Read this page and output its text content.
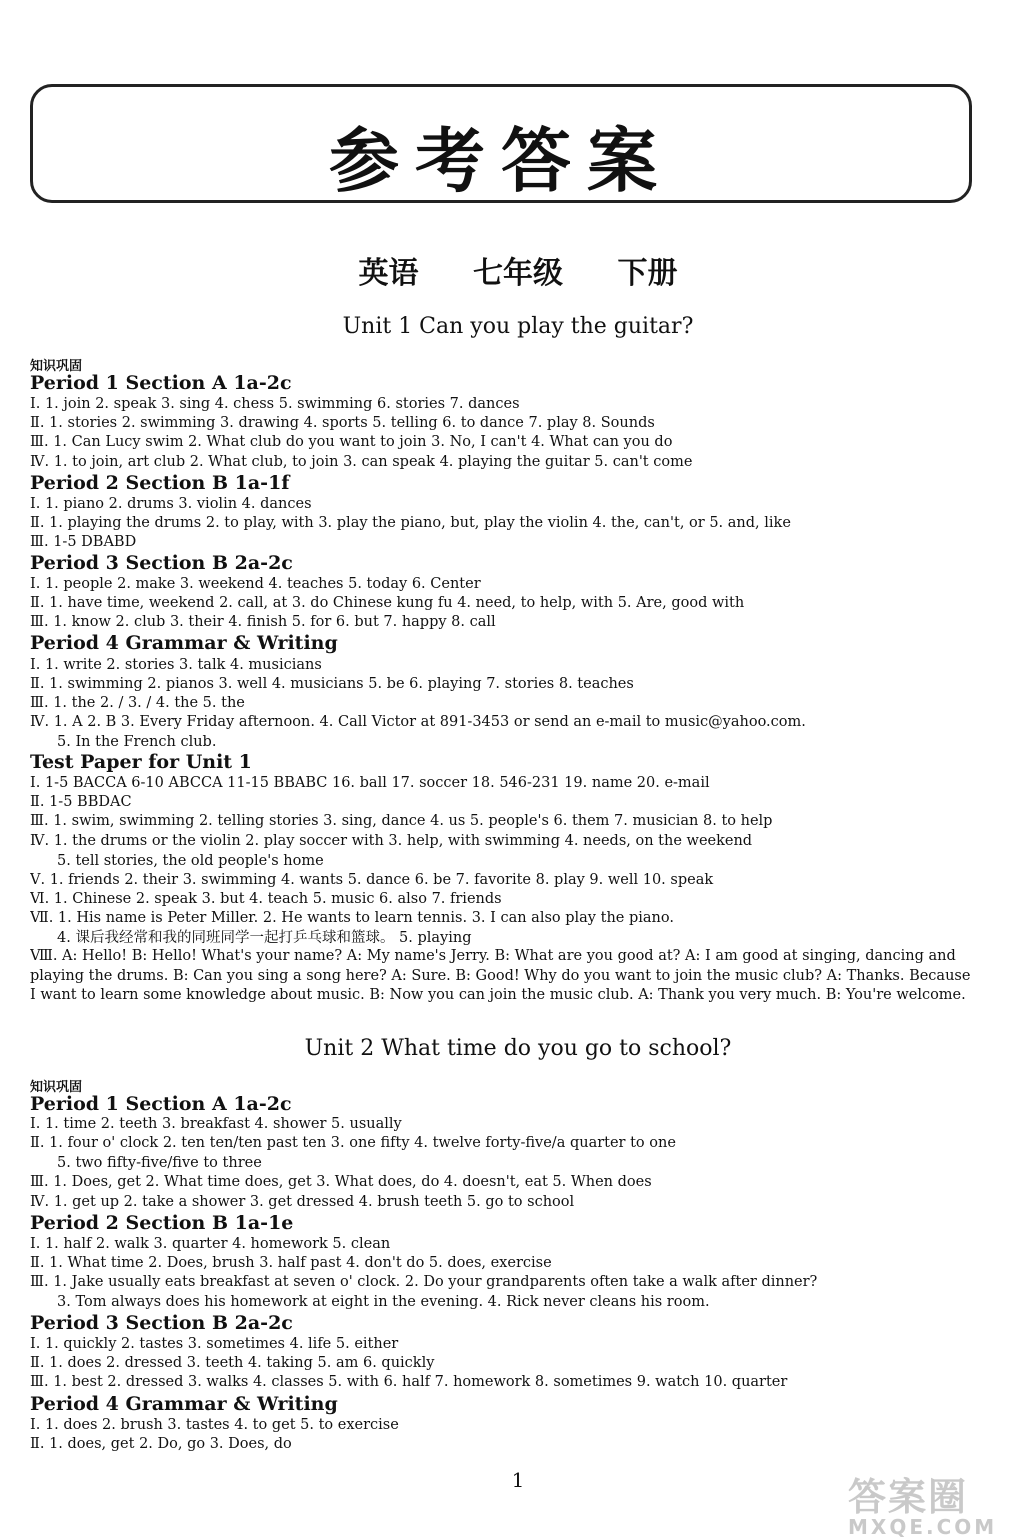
参考答案
英语 七年级 下册
Unit 1 Can you play the guitar?
知识巩固
Period 1 Section A 1a-2c
Ⅰ. 1. join 2. speak 3. sing 4. chess 5. swimming 6. stories 7. dances
Ⅱ. 1. stories 2. swimming 3. drawing 4. sports 5. telling 6. to dance 7. play 8. Sounds
Ⅲ. 1. Can Lucy swim 2. What club do you want to join 3. No, I can't 4. What can you do
Ⅳ. 1. to join, art club 2. What club, to join 3. can speak 4. playing the guitar 5. can't come
Period 2 Section B 1a-1f
Ⅰ. 1. piano 2. drums 3. violin 4. dances
Ⅱ. 1. playing the drums 2. to play, with 3. play the piano, but, play the violin 4. the, can't, or 5. and, like
Ⅲ. 1-5 DBABD
Period 3 Section B 2a-2c
Ⅰ. 1. people 2. make 3. weekend 4. teaches 5. today 6. Center
Ⅱ. 1. have time, weekend 2. call, at 3. do Chinese kung fu 4. need, to help, with 5. Are, good with
Ⅲ. 1. know 2. club 3. their 4. finish 5. for 6. but 7. happy 8. call
Period 4 Grammar & Writing
Ⅰ. 1. write 2. stories 3. talk 4. musicians
Ⅱ. 1. swimming 2. pianos 3. well 4. musicians 5. be 6. playing 7. stories 8. teaches
Ⅲ. 1. the 2. / 3. / 4. the 5. the
Ⅳ. 1. A 2. B 3. Every Friday afternoon. 4. Call Victor at 891-3453 or send an e-mail to music@yahoo.com.
5. In the French club.
Test Paper for Unit 1
Ⅰ. 1-5 BACCA 6-10 ABCCA 11-15 BBABC 16. ball 17. soccer 18. 546-231 19. name 20. e-mail
Ⅱ. 1-5 BBDAC
Ⅲ. 1. swim, swimming 2. telling stories 3. sing, dance 4. us 5. people's 6. them 7. musician 8. to help
Ⅳ. 1. the drums or the violin 2. play soccer with 3. help, with swimming 4. needs, on the weekend
5. tell stories, the old people's home
Ⅴ. 1. friends 2. their 3. swimming 4. wants 5. dance 6. be 7. favorite 8. play 9. well 10. speak
Ⅵ. 1. Chinese 2. speak 3. but 4. teach 5. music 6. also 7. friends
Ⅶ. 1. His name is Peter Miller. 2. He wants to learn tennis. 3. I can also play the piano.
4. 课后我经常和我的同班同学一起打乒乓球和篮球。 5. playing
Ⅷ. A: Hello! B: Hello! What's your name? A: My name's Jerry. B: What are you good at? A: I am good at singing, dancing and playing the drums. B: Can you sing a song here? A: Sure. B: Good! Why do you want to join the music club? A: Thanks. Because I want to learn some knowledge about music. B: Now you can join the music club. A: Thank you very much. B: You're welcome.
Unit 2 What time do you go to school?
知识巩固
Period 1 Section A 1a-2c
Ⅰ. 1. time 2. teeth 3. breakfast 4. shower 5. usually
Ⅱ. 1. four o' clock 2. ten ten/ten past ten 3. one fifty 4. twelve forty-five/a quarter to one
5. two fifty-five/five to three
Ⅲ. 1. Does, get 2. What time does, get 3. What does, do 4. doesn't, eat 5. When does
Ⅳ. 1. get up 2. take a shower 3. get dressed 4. brush teeth 5. go to school
Period 2 Section B 1a-1e
Ⅰ. 1. half 2. walk 3. quarter 4. homework 5. clean
Ⅱ. 1. What time 2. Does, brush 3. half past 4. don't do 5. does, exercise
Ⅲ. 1. Jake usually eats breakfast at seven o' clock. 2. Do your grandparents often take a walk after dinner?
3. Tom always does his homework at eight in the evening. 4. Rick never cleans his room.
Period 3 Section B 2a-2c
Ⅰ. 1. quickly 2. tastes 3. sometimes 4. life 5. either
Ⅱ. 1. does 2. dressed 3. teeth 4. taking 5. am 6. quickly
Ⅲ. 1. best 2. dressed 3. walks 4. classes 5. with 6. half 7. homework 8. sometimes 9. watch 10. quarter
Period 4 Grammar & Writing
Ⅰ. 1. does 2. brush 3. tastes 4. to get 5. to exercise
Ⅱ. 1. does, get 2. Do, go 3. Does, do
1	答案圈
MXQE.COM
